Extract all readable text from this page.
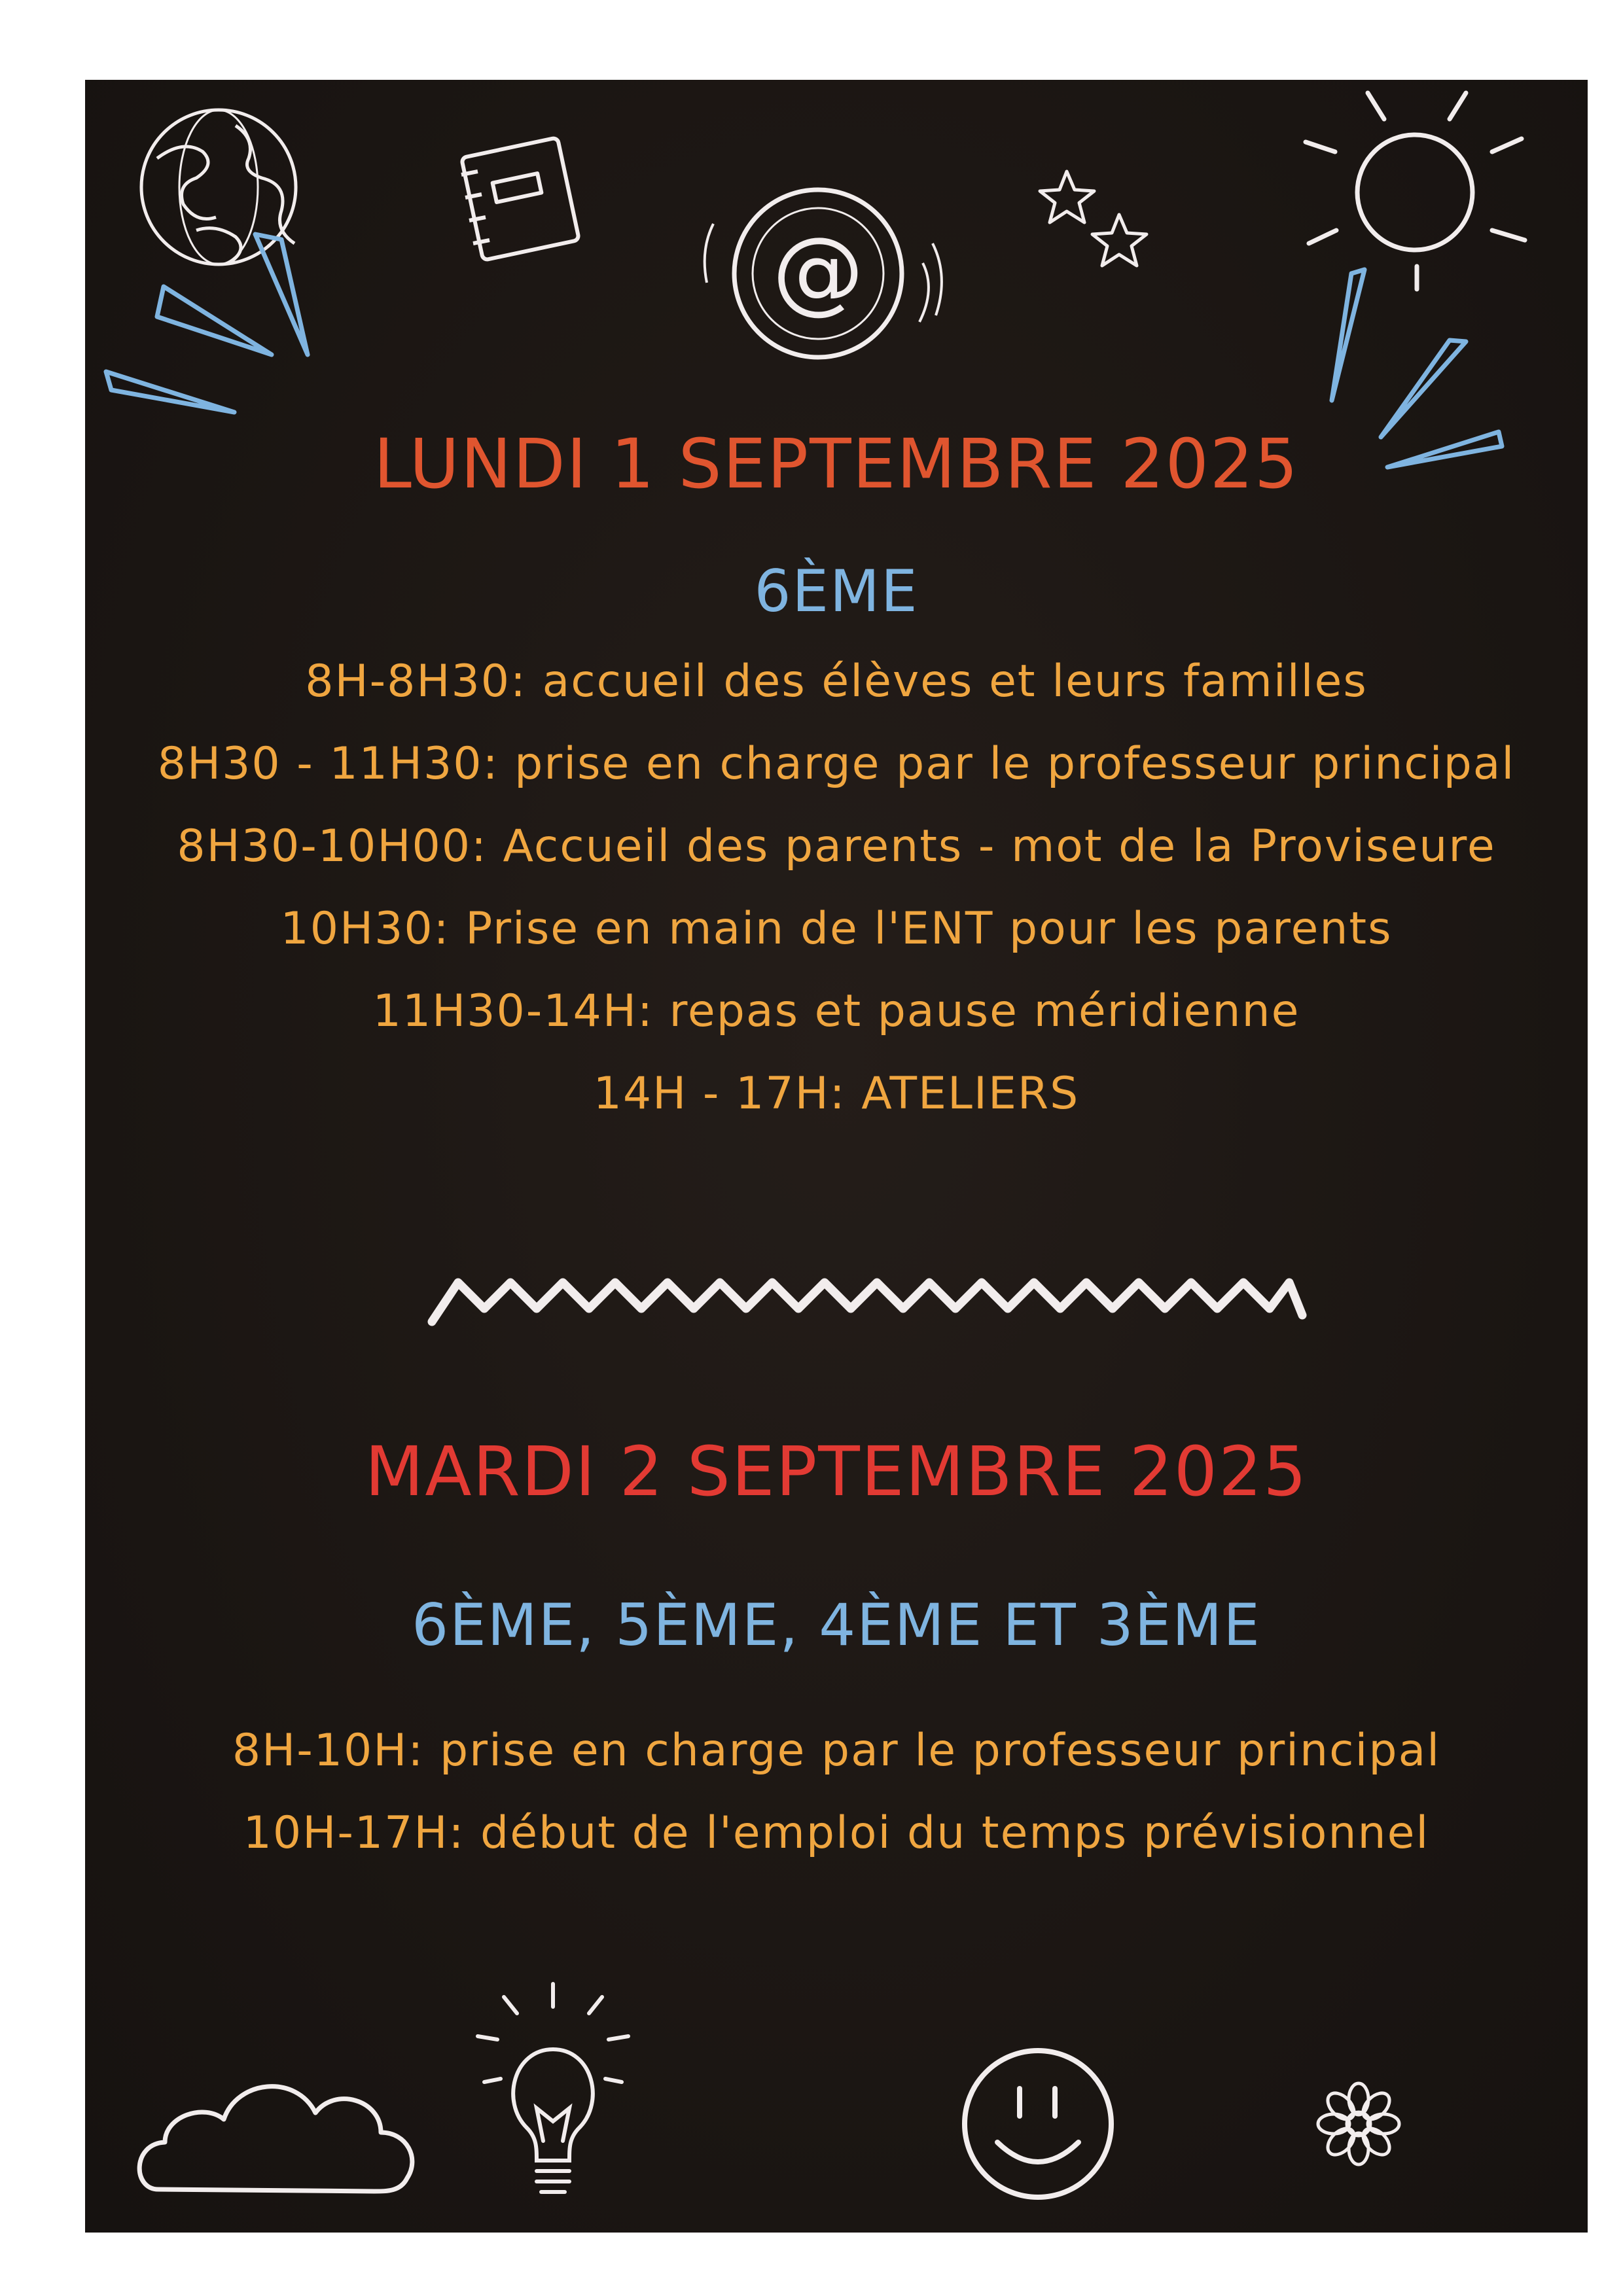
@
LUNDI 1 SEPTEMBRE 2025
6ÈME
8H-8H30: accueil des élèves et leurs familles
8H30 - 11H30: prise en charge par le professeur principal
8H30-10H00: Accueil des parents - mot de la Proviseure
10H30: Prise en main de l'ENT pour les parents
11H30-14H: repas et pause méridienne
14H - 17H: ATELIERS
MARDI 2 SEPTEMBRE 2025
6ÈME, 5ÈME, 4ÈME ET 3ÈME
8H-10H: prise en charge par le professeur principal
10H-17H: début de l'emploi du temps prévisionnel
